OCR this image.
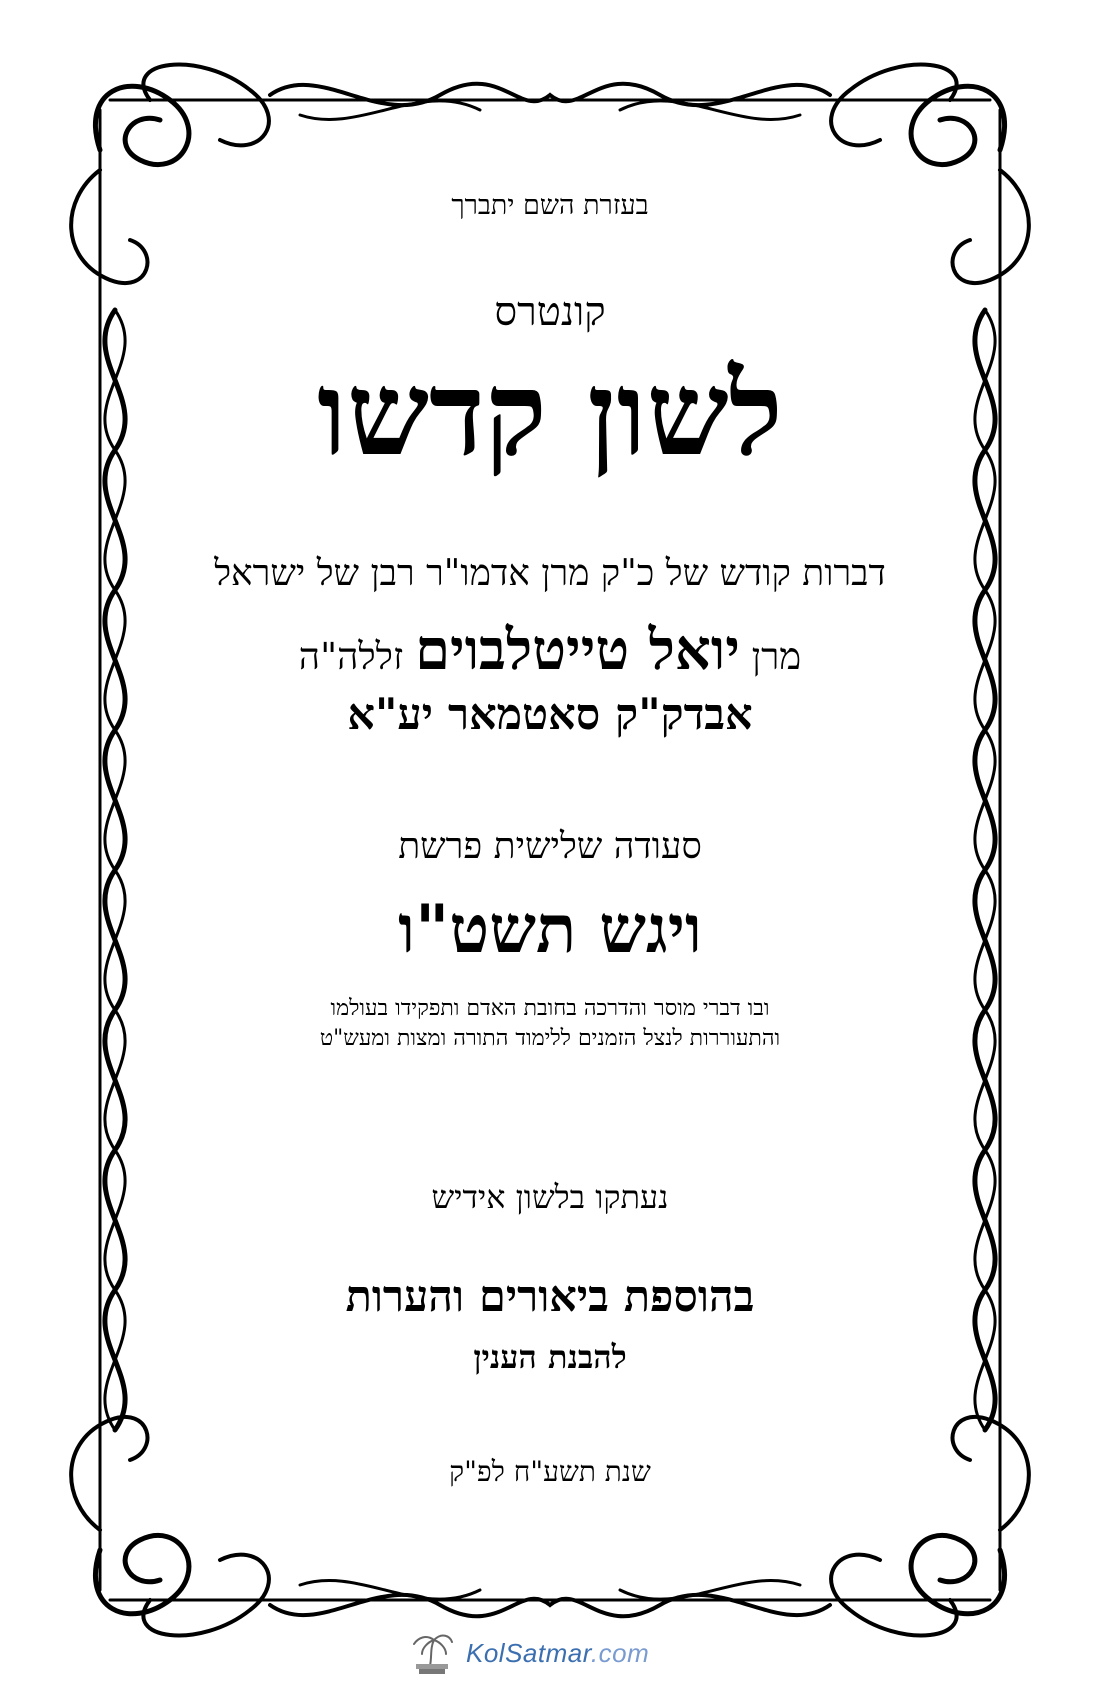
בעזרת השם יתברך
קונטרס
לשון קדשו
דברות קודש של כ"ק מרן אדמו"ר רבן של ישראל
מרן יואל טייטלבוים זללה"ה
אבדק"ק סאטמאר יע"א
סעודה שלישית פרשת
ויגש תשט"ו
ובו דברי מוסר והדרכה בחובת האדם ותפקידו בעולמו
והתעוררות לנצל הזמנים ללימוד התורה ומצות ומעש"ט
נעתקו בלשון אידיש
בהוספת ביאורים והערות
להבנת הענין
שנת תשע"ח לפ"ק
KolSatmar.com
